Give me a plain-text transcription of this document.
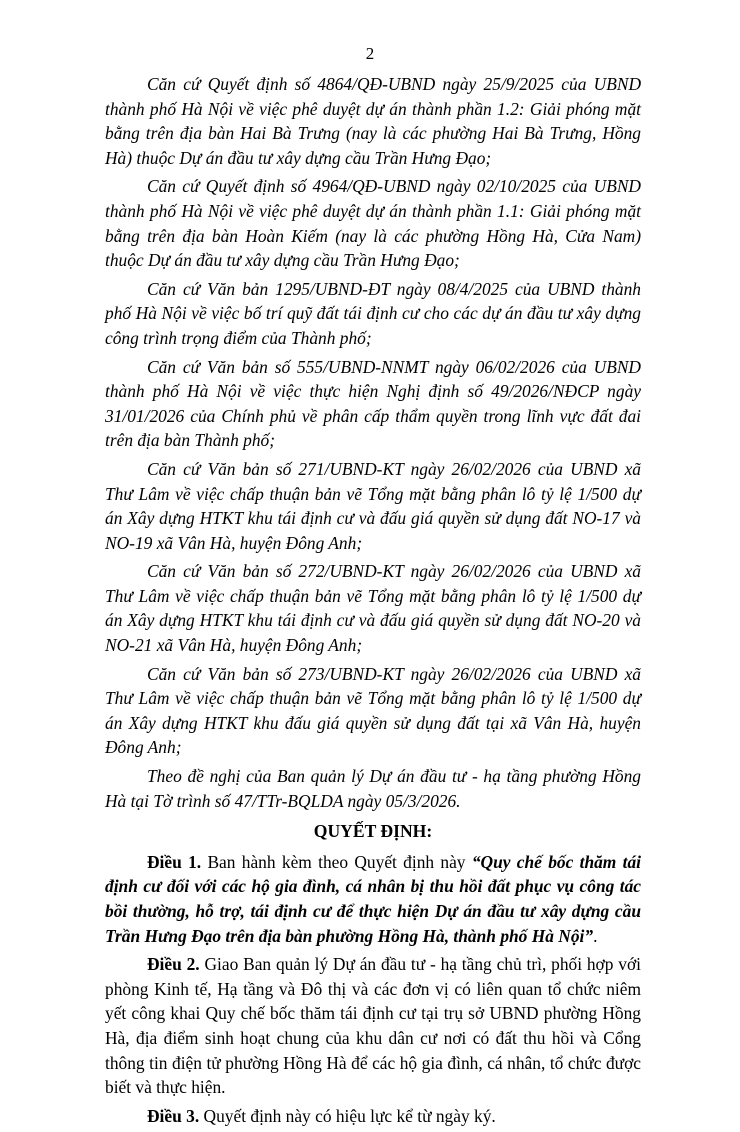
2

Căn cứ Quyết định số 4864/QĐ-UBND ngày 25/9/2025 của UBND thành phố Hà Nội về việc phê duyệt dự án thành phần 1.2: Giải phóng mặt bằng trên địa bàn Hai Bà Trưng (nay là các phường Hai Bà Trưng, Hồng Hà) thuộc Dự án đầu tư xây dựng cầu Trần Hưng Đạo;

Căn cứ Quyết định số 4964/QĐ-UBND ngày 02/10/2025 của UBND thành phố Hà Nội về việc phê duyệt dự án thành phần 1.1: Giải phóng mặt bằng trên địa bàn Hoàn Kiếm (nay là các phường Hồng Hà, Cửa Nam) thuộc Dự án đầu tư xây dựng cầu Trần Hưng Đạo;

Căn cứ Văn bản 1295/UBND-ĐT ngày 08/4/2025 của UBND thành phố Hà Nội về việc bố trí quỹ đất tái định cư cho các dự án đầu tư xây dựng công trình trọng điểm của Thành phố;

Căn cứ Văn bản số 555/UBND-NNMT ngày 06/02/2026 của UBND thành phố Hà Nội về việc thực hiện Nghị định số 49/2026/NĐCP ngày 31/01/2026 của Chính phủ về phân cấp thẩm quyền trong lĩnh vực đất đai trên địa bàn Thành phố;

Căn cứ Văn bản số 271/UBND-KT ngày 26/02/2026 của UBND xã Thư Lâm về việc chấp thuận bản vẽ Tổng mặt bằng phân lô tỷ lệ 1/500 dự án Xây dựng HTKT khu tái định cư và đấu giá quyền sử dụng đất NO-17 và NO-19 xã Vân Hà, huyện Đông Anh;

Căn cứ Văn bản số 272/UBND-KT ngày 26/02/2026 của UBND xã Thư Lâm về việc chấp thuận bản vẽ Tổng mặt bằng phân lô tỷ lệ 1/500 dự án Xây dựng HTKT khu tái định cư và đấu giá quyền sử dụng đất NO-20 và NO-21 xã Vân Hà, huyện Đông Anh;

Căn cứ Văn bản số 273/UBND-KT ngày 26/02/2026 của UBND xã Thư Lâm về việc chấp thuận bản vẽ Tổng mặt bằng phân lô tỷ lệ 1/500 dự án Xây dựng HTKT khu đấu giá quyền sử dụng đất tại xã Vân Hà, huyện Đông Anh;

Theo đề nghị của Ban quản lý Dự án đầu tư - hạ tầng phường Hồng Hà tại Tờ trình số 47/TTr-BQLDA ngày 05/3/2026.

QUYẾT ĐỊNH:

Điều 1. Ban hành kèm theo Quyết định này “Quy chế bốc thăm tái định cư đối với các hộ gia đình, cá nhân bị thu hồi đất phục vụ công tác bồi thường, hỗ trợ, tái định cư để thực hiện Dự án đầu tư xây dựng cầu Trần Hưng Đạo trên địa bàn phường Hồng Hà, thành phố Hà Nội”.

Điều 2. Giao Ban quản lý Dự án đầu tư - hạ tầng chủ trì, phối hợp với phòng Kinh tế, Hạ tầng và Đô thị và các đơn vị có liên quan tổ chức niêm yết công khai Quy chế bốc thăm tái định cư tại trụ sở UBND phường Hồng Hà, địa điểm sinh hoạt chung của khu dân cư nơi có đất thu hồi và Cổng thông tin điện tử phường Hồng Hà để các hộ gia đình, cá nhân, tổ chức được biết và thực hiện.

Điều 3. Quyết định này có hiệu lực kể từ ngày ký.
